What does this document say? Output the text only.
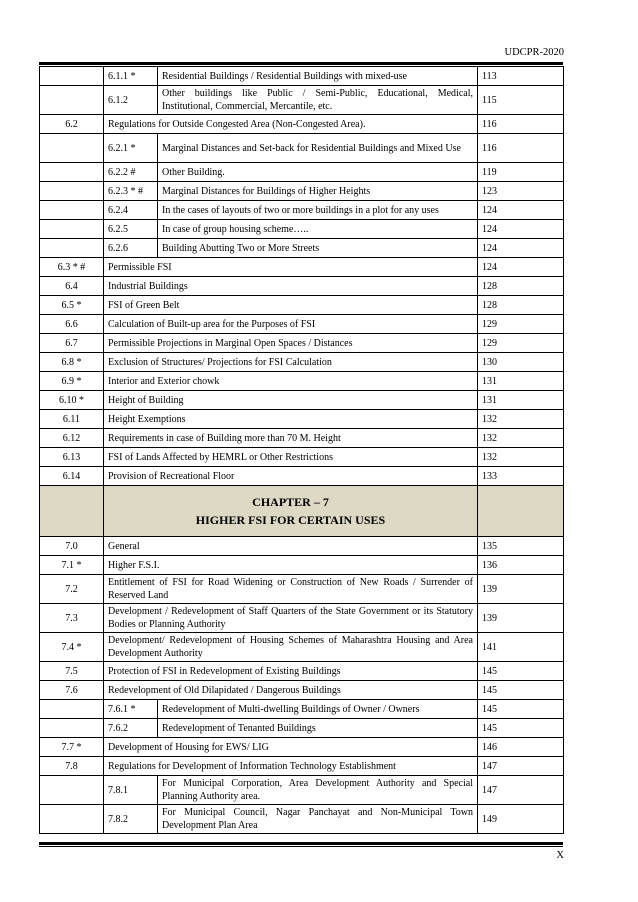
UDCPR-2020
	6.1.1 *	Residential Buildings / Residential Buildings with mixed-use	113
	6.1.2	Other buildings like Public / Semi-Public, Educational, Medical, Institutional, Commercial, Mercantile, etc.	115
6.2	Regulations for Outside Congested Area (Non-Congested Area).		116
	6.2.1 *	Marginal Distances and Set-back for Residential Buildings and Mixed Use	116
	6.2.2 #	Other Building.	119
	6.2.3 * #	Marginal Distances for Buildings of Higher Heights	123
	6.2.4	In the cases of layouts of two or more buildings in a plot for any uses	124
	6.2.5	In case of group housing scheme…..	124
	6.2.6	Building Abutting Two or More Streets	124
6.3 * #	Permissible FSI		124
6.4	Industrial Buildings		128
6.5 *	FSI of Green Belt		128
6.6	Calculation of Built-up area for the Purposes of FSI		129
6.7	Permissible Projections in Marginal Open Spaces / Distances		129
6.8 *	Exclusion of Structures/ Projections for FSI Calculation		130
6.9 *	Interior and Exterior chowk		131
6.10 *	Height of Building		131
6.11	Height Exemptions		132
6.12	Requirements in case of Building more than 70 M. Height		132
6.13	FSI of Lands Affected by HEMRL or Other Restrictions		132
6.14	Provision of Recreational Floor		133

	CHAPTER – 7
HIGHER FSI FOR CERTAIN USES		

7.0	General		135
7.1 *	Higher F.S.I.		136
7.2	Entitlement of FSI for Road Widening or Construction of New Roads / Surrender of Reserved Land		139
7.3	Development / Redevelopment of Staff Quarters of the State Government or its Statutory Bodies or Planning Authority		139
7.4 *	Development/ Redevelopment of Housing Schemes of Maharashtra Housing and Area Development Authority		141
7.5	Protection of FSI in Redevelopment of Existing Buildings		145
7.6	Redevelopment of Old Dilapidated / Dangerous Buildings		145
	7.6.1 *	Redevelopment of Multi-dwelling Buildings of Owner / Owners	145
	7.6.2	Redevelopment of Tenanted Buildings	145
7.7 *	Development of Housing for EWS/ LIG		146
7.8	Regulations for Development of Information Technology Establishment		147
	7.8.1	For Municipal Corporation, Area Development Authority and Special Planning Authority area.	147
	7.8.2	For Municipal Council, Nagar Panchayat and Non-Municipal Town Development Plan Area	149
X
